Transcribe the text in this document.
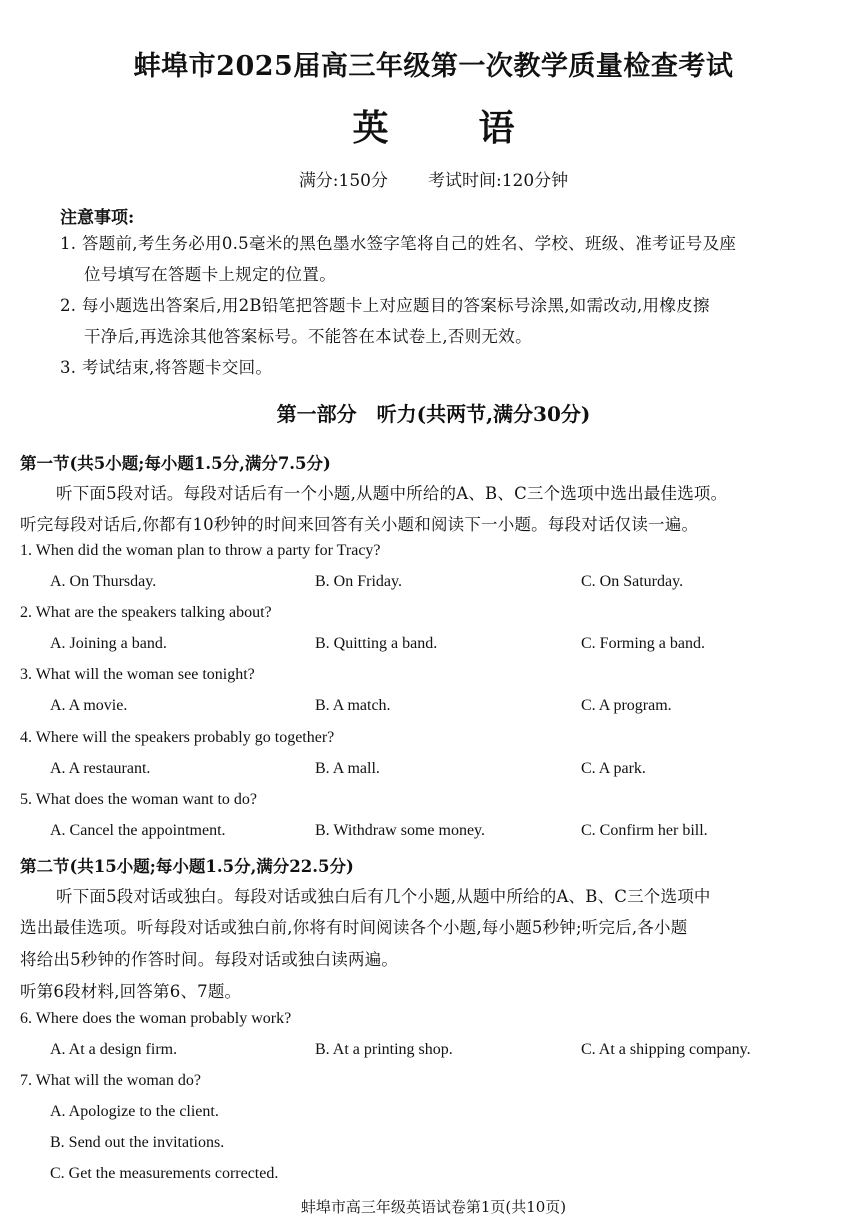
蚌埠市2025届高三年级第一次教学质量检查考试
英	语
满分:150分 考试时间:120分钟
注意事项:
1. 答题前,考生务必用0.5毫米的黑色墨水签字笔将自己的姓名、学校、班级、准考证号及座
位号填写在答题卡上规定的位置。
2. 每小题选出答案后,用2B铅笔把答题卡上对应题目的答案标号涂黑,如需改动,用橡皮擦
干净后,再选涂其他答案标号。不能答在本试卷上,否则无效。
3. 考试结束,将答题卡交回。
第一部分　听力(共两节,满分30分)
第一节(共5小题;每小题1.5分,满分7.5分)
听下面5段对话。每段对话后有一个小题,从题中所给的A、B、C三个选项中选出最佳选项。
听完每段对话后,你都有10秒钟的时间来回答有关小题和阅读下一小题。每段对话仅读一遍。
1. When did the woman plan to throw a party for Tracy?
A. On Thursday.	B. On Friday.	C. On Saturday.
2. What are the speakers talking about?
A. Joining a band.	B. Quitting a band.	C. Forming a band.
3. What will the woman see tonight?
A. A movie.	B. A match.	C. A program.
4. Where will the speakers probably go together?
A. A restaurant.	B. A mall.	C. A park.
5. What does the woman want to do?
A. Cancel the appointment.	B. Withdraw some money.	C. Confirm her bill.
第二节(共15小题;每小题1.5分,满分22.5分)
听下面5段对话或独白。每段对话或独白后有几个小题,从题中所给的A、B、C三个选项中
选出最佳选项。听每段对话或独白前,你将有时间阅读各个小题,每小题5秒钟;听完后,各小题
将给出5秒钟的作答时间。每段对话或独白读两遍。
听第6段材料,回答第6、7题。
6. Where does the woman probably work?
A. At a design firm.	B. At a printing shop.	C. At a shipping company.
7. What will the woman do?
A. Apologize to the client.
B. Send out the invitations.
C. Get the measurements corrected.
蚌埠市高三年级英语试卷第1页(共10页)
